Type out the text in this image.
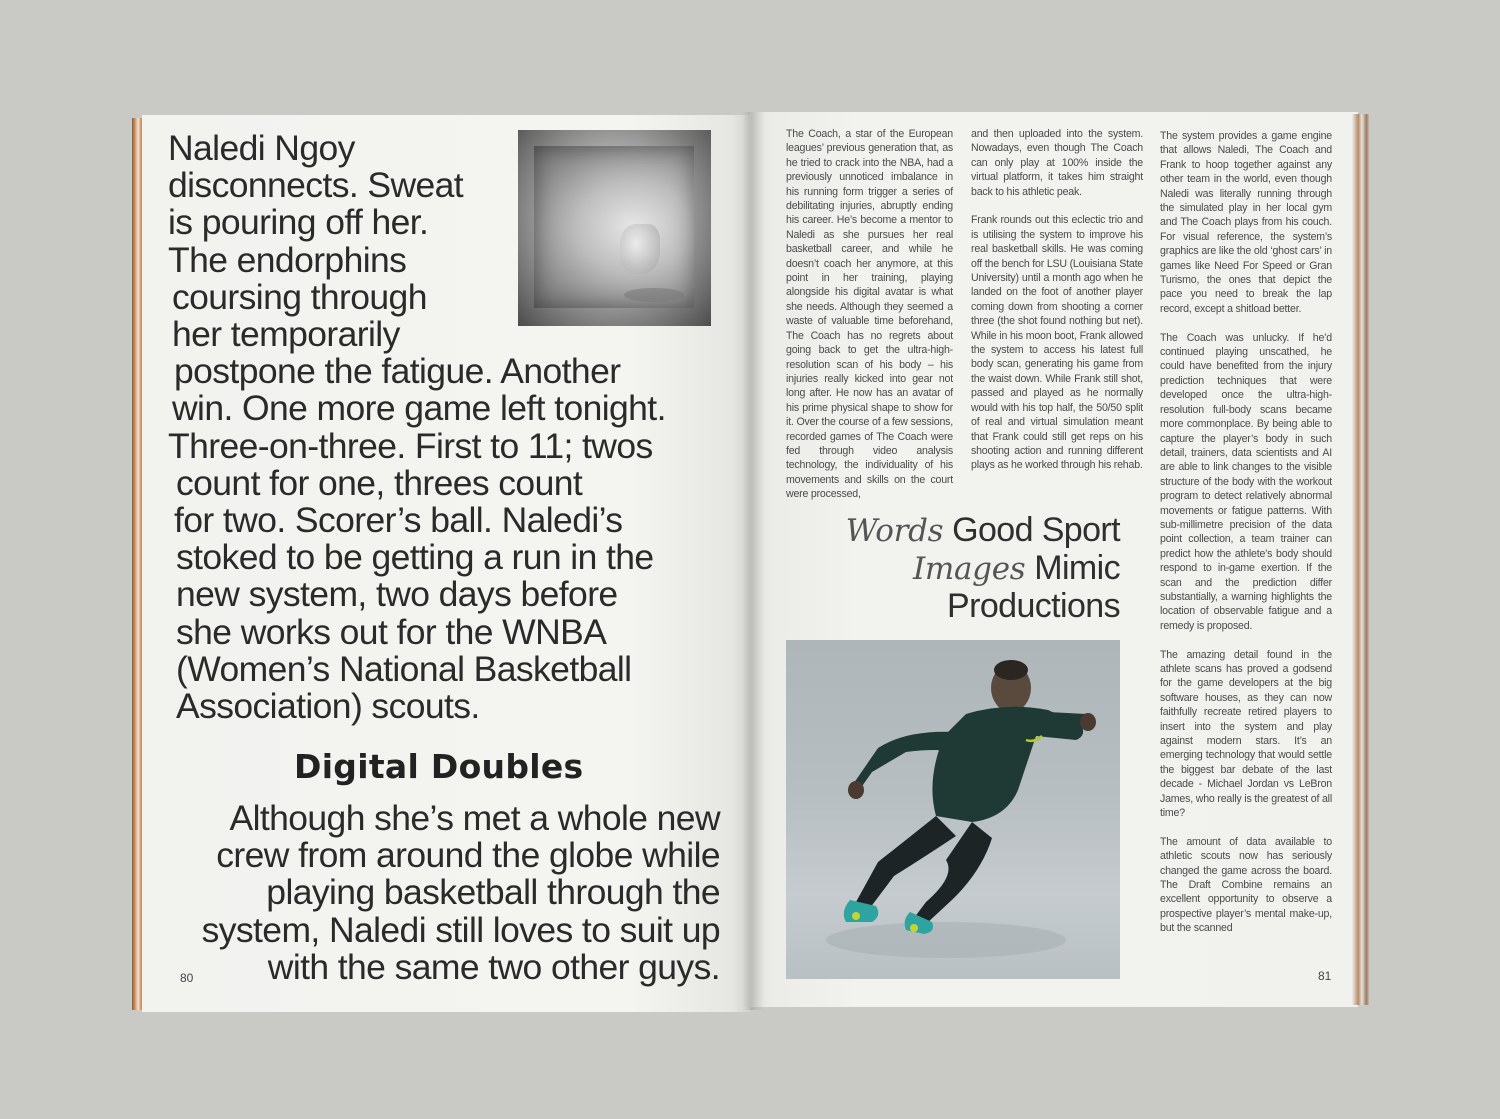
Naledi Ngoy
disconnects. Sweat
is pouring off her.
The endorphins
coursing through
her temporarily
postpone the fatigue. Another
win. One more game left tonight.
Three-on-three. First to 11; twos
count for one, threes count
for two. Scorer’s ball. Naledi’s
stoked to be getting a run in the
new system, two days before
she works out for the WNBA
(Women’s National Basketball
Association) scouts.
Digital Doubles
Although she’s met a whole new
crew from around the globe while
playing basketball through the
system, Naledi still loves to suit up
with the same two other guys.
80

The Coach, a star of the European leagues’ previous generation that, as he tried to crack into the NBA, had a previously unnoticed imbalance in his running form trigger a series of debilitating injuries, abruptly ending his career. He’s become a mentor to Naledi as she pursues her real basketball career, and while he doesn’t coach her anymore, at this point in her training, playing alongside his digital avatar is what she needs. Although they seemed a waste of valuable time beforehand, The Coach has no regrets about going back to get the ultra-high-resolution scan of his body – his injuries really kicked into gear not long after. He now has an avatar of his prime physical shape to show for it. Over the course of a few sessions, recorded games of The Coach were fed through video analysis technology, the individuality of his movements and skills on the court were processed,

and then uploaded into the system. Nowadays, even though The Coach can only play at 100% inside the virtual platform, it takes him straight back to his athletic peak.

Frank rounds out this eclectic trio and is utilising the system to improve his real basketball skills. He was coming off the bench for LSU (Louisiana State University) until a month ago when he landed on the foot of another player coming down from shooting a corner three (the shot found nothing but net). While in his moon boot, Frank allowed the system to access his latest full body scan, generating his game from the waist down. While Frank still shot, passed and played as he normally would with his top half, the 50/50 split of real and virtual simulation meant that Frank could still get reps on his shooting action and running different plays as he worked through his rehab.

The system provides a game engine that allows Naledi, The Coach and Frank to hoop together against any other team in the world, even though Naledi was literally running through the simulated play in her local gym and The Coach plays from his couch. For visual reference, the system’s graphics are like the old ‘ghost cars’ in games like Need For Speed or Gran Turismo, the ones that depict the pace you need to break the lap record, except a shitload better.

The Coach was unlucky. If he’d continued playing unscathed, he could have benefited from the injury prediction techniques that were developed once the ultra-high-resolution full-body scans became more commonplace. By being able to capture the player’s body in such detail, trainers, data scientists and AI are able to link changes to the visible structure of the body with the workout program to detect relatively abnormal movements or fatigue patterns. With sub-millimetre precision of the data point collection, a team trainer can predict how the athlete’s body should respond to in-game exertion. If the scan and the prediction differ substantially, a warning highlights the location of observable fatigue and a remedy is proposed.

The amazing detail found in the athlete scans has proved a godsend for the game developers at the big software houses, as they can now faithfully recreate retired players to insert into the system and play against modern stars. It’s an emerging technology that would settle the biggest bar debate of the last decade - Michael Jordan vs LeBron James, who really is the greatest of all time?

The amount of data available to athletic scouts now has seriously changed the game across the board. The Draft Combine remains an excellent opportunity to observe a prospective player’s mental make-up, but the scanned

Words Good Sport
Images Mimic
Productions
81
